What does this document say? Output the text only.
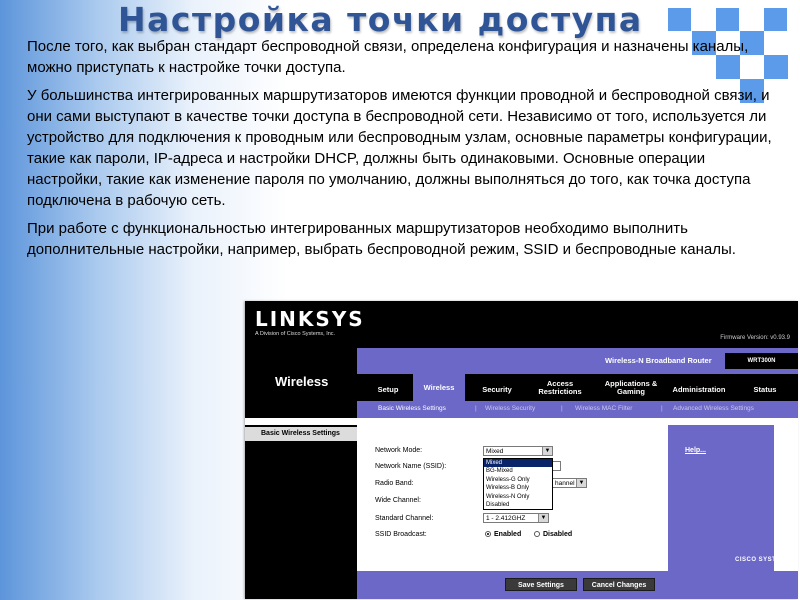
Настройка точки доступа

После того, как выбран стандарт беспроводной связи, определена конфигурация и назначены каналы, можно приступать к настройке точки доступа.

У большинства интегрированных маршрутизаторов имеются функции проводной и беспроводной связи, и они сами выступают в качестве точки доступа в беспроводной сети. Независимо от того, используется ли устройство для подключения к проводным или беспроводным узлам, основные параметры конфигурации, такие как пароли, IP-адреса и настройки DHCP, должны быть одинаковыми. Основные операции настройки, такие как изменение пароля по умолчанию, должны выполняться до того, как точка доступа подключена в рабочую сеть.

При работе с функциональностью интегрированных маршрутизаторов необходимо выполнить дополнительные настройки, например, выбрать беспроводной режим, SSID и беспроводные каналы.

LINKSYS
A Division of Cisco Systems, Inc.
Firmware Version: v0.93.9
Wireless
Wireless-N Broadband Router	WRT300N
Setup	Wireless	Security
Access Restrictions
Applications & Gaming	Administration	Status
Basic Wireless Settings	| Wireless Security	| Wireless MAC Filter	| Advanced Wireless Settings
Basic Wireless Settings
Help...
CISCO SYSTEMS
Network Mode:	Mixed	▼
Network Name (SSID):
Radio Band:	hannel ▼
Wide Channel:
Standard Channel:	1 - 2.412GHZ	▼
SSID Broadcast:	Enabled	Disabled
Mixed
BG-Mixed
Wireless-G Only
Wireless-B Only
Wireless-N Only
Disabled
Save Settings	Cancel Changes
